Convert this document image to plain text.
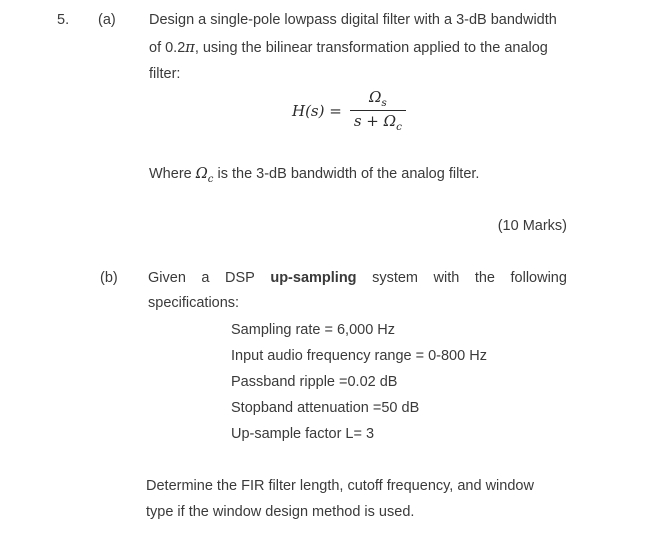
5. (a) Design a single-pole lowpass digital filter with a 3-dB bandwidth
of 0.2π, using the bilinear transformation applied to the analog
filter:
$H(s) = \frac{\Omega_s}{s + \Omega_c}$
Where $\Omega_c$ is the 3-dB bandwidth of the analog filter.
(10 Marks)
(b) Given a DSP up-sampling system with the following
specifications:
Sampling rate = 6,000 Hz
Input audio frequency range = 0-800 Hz
Passband ripple =0.02 dB
Stopband attenuation =50 dB
Up-sample factor L= 3
Determine the FIR filter length, cutoff frequency, and window
type if the window design method is used.
